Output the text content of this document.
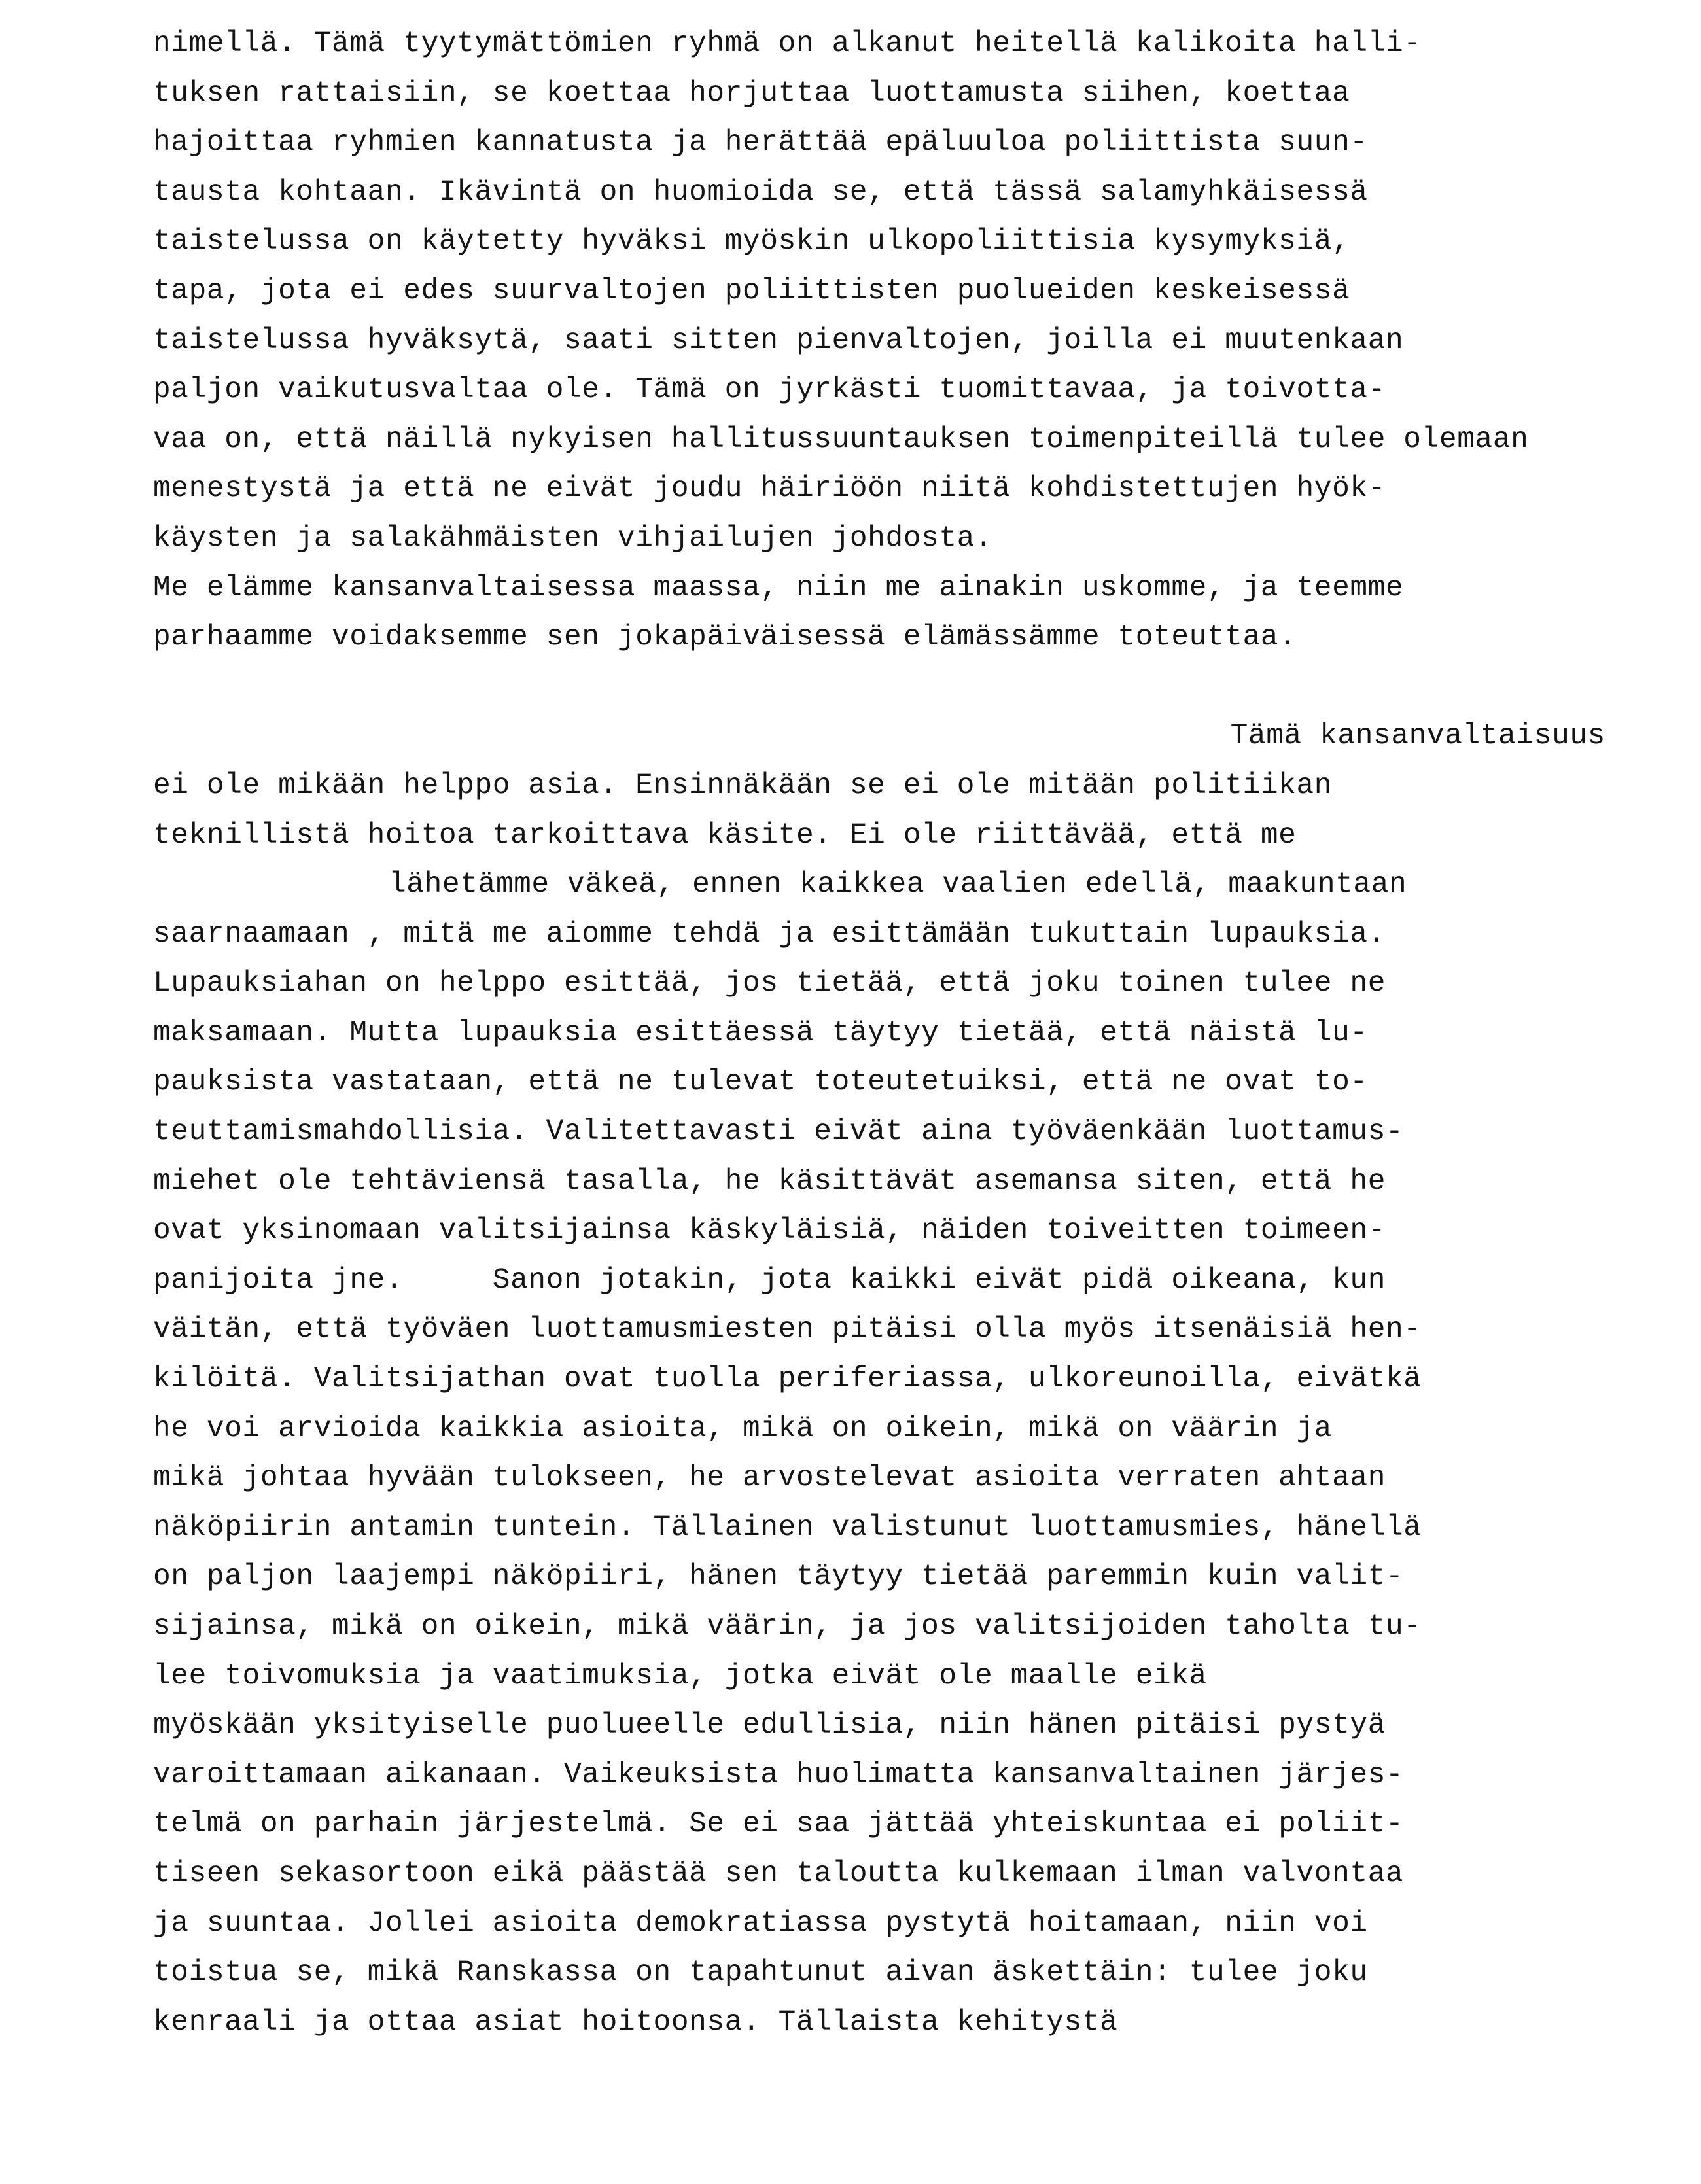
nimellä. Tämä tyytymättömien ryhmä on alkanut heitellä kalikoita halli-
tuksen rattaisiin, se koettaa horjuttaa luottamusta siihen, koettaa
hajoittaa ryhmien kannatusta ja herättää epäluuloa poliittista suun-
tausta kohtaan. Ikävintä on huomioida se, että tässä salamyhkäisessä
taistelussa on käytetty hyväksi myöskin ulkopoliittisia kysymyksiä,
tapa, jota ei edes suurvaltojen poliittisten puolueiden keskeisessä
taistelussa hyväksytä, saati sitten pienvaltojen, joilla ei muutenkaan
paljon vaikutusvaltaa ole. Tämä on jyrkästi tuomittavaa, ja toivotta-
vaa on, että näillä nykyisen hallitussuuntauksen toimenpiteillä tulee olemaan
menestystä ja että ne eivät joudu häiriöön niitä kohdistettujen hyök-
käysten ja salakähmäisten vihjailujen johdosta.
Me elämme kansanvaltaisessa maassa, niin me ainakin uskomme, ja teemme
parhaamme voidaksemme sen jokapäiväisessä elämässämme toteuttaa.
Tämä kansanvaltaisuus
ei ole mikään helppo asia. Ensinnäkään se ei ole mitään politiikan
teknillistä hoitoa tarkoittava käsite. Ei ole riittävää, että me
lähetämme väkeä, ennen kaikkea vaalien edellä, maakuntaan
saarnaamaan , mitä me aiomme tehdä ja esittämään tukuttain lupauksia.
Lupauksiahan on helppo esittää, jos tietää, että joku toinen tulee ne
maksamaan. Mutta lupauksia esittäessä täytyy tietää, että näistä lu-
pauksista vastataan, että ne tulevat toteutetuiksi, että ne ovat to-
teuttamismahdollisia. Valitettavasti eivät aina työväenkään luottamus-
miehet ole tehtäviensä tasalla, he käsittävät asemansa siten, että he
ovat yksinomaan valitsijainsa käskyläisiä, näiden toiveitten toimeen-
panijoita jne.     Sanon jotakin, jota kaikki eivät pidä oikeana, kun
väitän, että työväen luottamusmiesten pitäisi olla myös itsenäisiä hen-
kilöitä. Valitsijathan ovat tuolla periferiassa, ulkoreunoilla, eivätkä
he voi arvioida kaikkia asioita, mikä on oikein, mikä on väärin ja
mikä johtaa hyvään tulokseen, he arvostelevat asioita verraten ahtaan
näköpiirin antamin tuntein. Tällainen valistunut luottamusmies, hänellä
on paljon laajempi näköpiiri, hänen täytyy tietää paremmin kuin valit-
sijainsa, mikä on oikein, mikä väärin, ja jos valitsijoiden taholta tu-
lee toivomuksia ja vaatimuksia, jotka eivät ole maalle eikä
myöskään yksityiselle puolueelle edullisia, niin hänen pitäisi pystyä
varoittamaan aikanaan. Vaikeuksista huolimatta kansanvaltainen järjes-
telmä on parhain järjestelmä. Se ei saa jättää yhteiskuntaa ei poliit-
tiseen sekasortoon eikä päästää sen taloutta kulkemaan ilman valvontaa
ja suuntaa. Jollei asioita demokratiassa pystytä hoitamaan, niin voi
toistua se, mikä Ranskassa on tapahtunut aivan äskettäin: tulee joku
kenraali ja ottaa asiat hoitoonsa. Tällaista kehitystä
